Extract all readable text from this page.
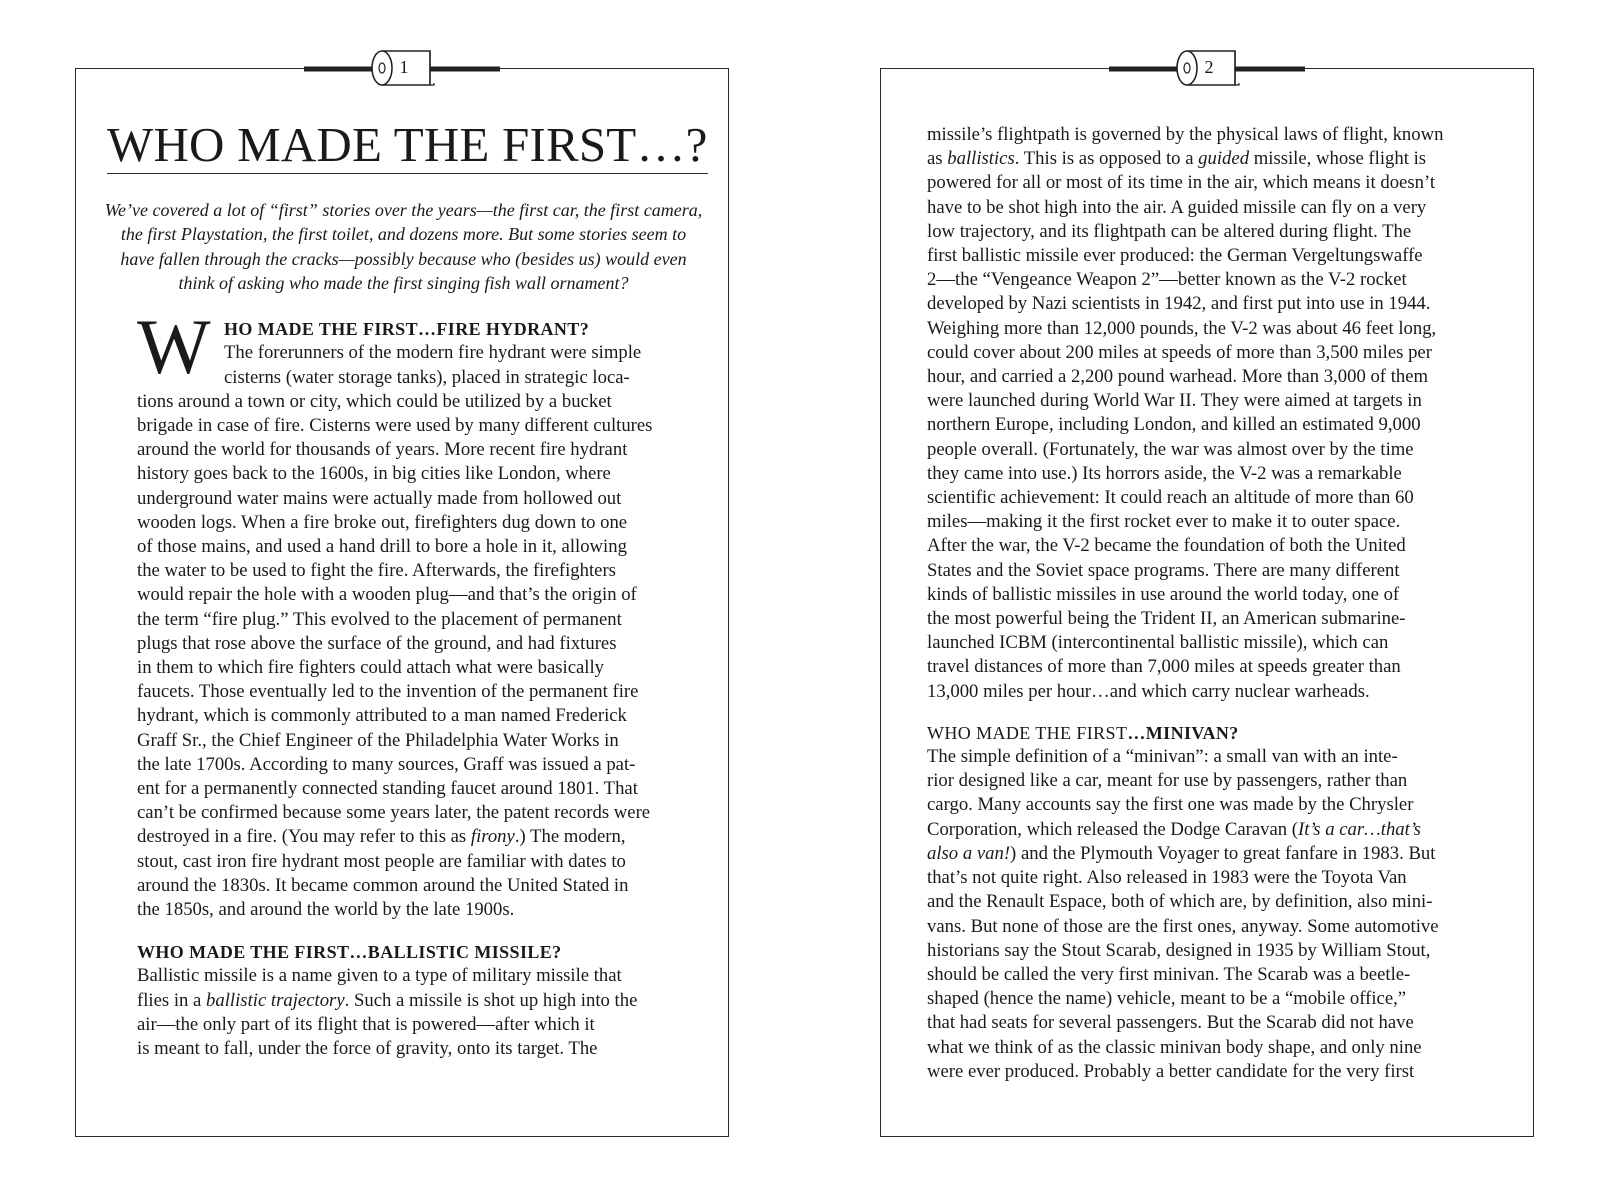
1
WHO MADE THE FIRST…?
We’ve covered a lot of “first” stories over the years—the first car, the first camera,
the first Playstation, the first toilet, and dozens more. But some stories seem to
have fallen through the cracks—possibly because who (besides us) would even
think of asking who made the first singing fish wall ornament?
W HO MADE THE FIRST…FIRE HYDRANT?
The forerunners of the modern fire hydrant were simple
cisterns (water storage tanks), placed in strategic loca-
tions around a town or city, which could be utilized by a bucket
brigade in case of fire. Cisterns were used by many different cultures
around the world for thousands of years. More recent fire hydrant
history goes back to the 1600s, in big cities like London, where
underground water mains were actually made from hollowed out
wooden logs. When a fire broke out, firefighters dug down to one
of those mains, and used a hand drill to bore a hole in it, allowing
the water to be used to fight the fire. Afterwards, the firefighters
would repair the hole with a wooden plug—and that’s the origin of
the term “fire plug.” This evolved to the placement of permanent
plugs that rose above the surface of the ground, and had fixtures
in them to which fire fighters could attach what were basically
faucets. Those eventually led to the invention of the permanent fire
hydrant, which is commonly attributed to a man named Frederick
Graff Sr., the Chief Engineer of the Philadelphia Water Works in
the late 1700s. According to many sources, Graff was issued a pat-
ent for a permanently connected standing faucet around 1801. That
can’t be confirmed because some years later, the patent records were
destroyed in a fire. (You may refer to this as firony.) The modern,
stout, cast iron fire hydrant most people are familiar with dates to
around the 1830s. It became common around the United Stated in
the 1850s, and around the world by the late 1900s.
WHO MADE THE FIRST…BALLISTIC MISSILE?
Ballistic missile is a name given to a type of military missile that
flies in a ballistic trajectory. Such a missile is shot up high into the
air—the only part of its flight that is powered—after which it
is meant to fall, under the force of gravity, onto its target. The
2
missile’s flightpath is governed by the physical laws of flight, known
as ballistics. This is as opposed to a guided missile, whose flight is
powered for all or most of its time in the air, which means it doesn’t
have to be shot high into the air. A guided missile can fly on a very
low trajectory, and its flightpath can be altered during flight. The
first ballistic missile ever produced: the German Vergeltungswaffe
2—the “Vengeance Weapon 2”—better known as the V-2 rocket
developed by Nazi scientists in 1942, and first put into use in 1944.
Weighing more than 12,000 pounds, the V-2 was about 46 feet long,
could cover about 200 miles at speeds of more than 3,500 miles per
hour, and carried a 2,200 pound warhead. More than 3,000 of them
were launched during World War II. They were aimed at targets in
northern Europe, including London, and killed an estimated 9,000
people overall. (Fortunately, the war was almost over by the time
they came into use.) Its horrors aside, the V-2 was a remarkable
scientific achievement: It could reach an altitude of more than 60
miles—making it the first rocket ever to make it to outer space.
After the war, the V-2 became the foundation of both the United
States and the Soviet space programs. There are many different
kinds of ballistic missiles in use around the world today, one of
the most powerful being the Trident II, an American submarine-
launched ICBM (intercontinental ballistic missile), which can
travel distances of more than 7,000 miles at speeds greater than
13,000 miles per hour…and which carry nuclear warheads.
WHO MADE THE FIRST…MINIVAN?
The simple definition of a “minivan”: a small van with an inte-
rior designed like a car, meant for use by passengers, rather than
cargo. Many accounts say the first one was made by the Chrysler
Corporation, which released the Dodge Caravan (It’s a car…that’s
also a van!) and the Plymouth Voyager to great fanfare in 1983. But
that’s not quite right. Also released in 1983 were the Toyota Van
and the Renault Espace, both of which are, by definition, also mini-
vans. But none of those are the first ones, anyway. Some automotive
historians say the Stout Scarab, designed in 1935 by William Stout,
should be called the very first minivan. The Scarab was a beetle-
shaped (hence the name) vehicle, meant to be a “mobile office,”
that had seats for several passengers. But the Scarab did not have
what we think of as the classic minivan body shape, and only nine
were ever produced. Probably a better candidate for the very first
